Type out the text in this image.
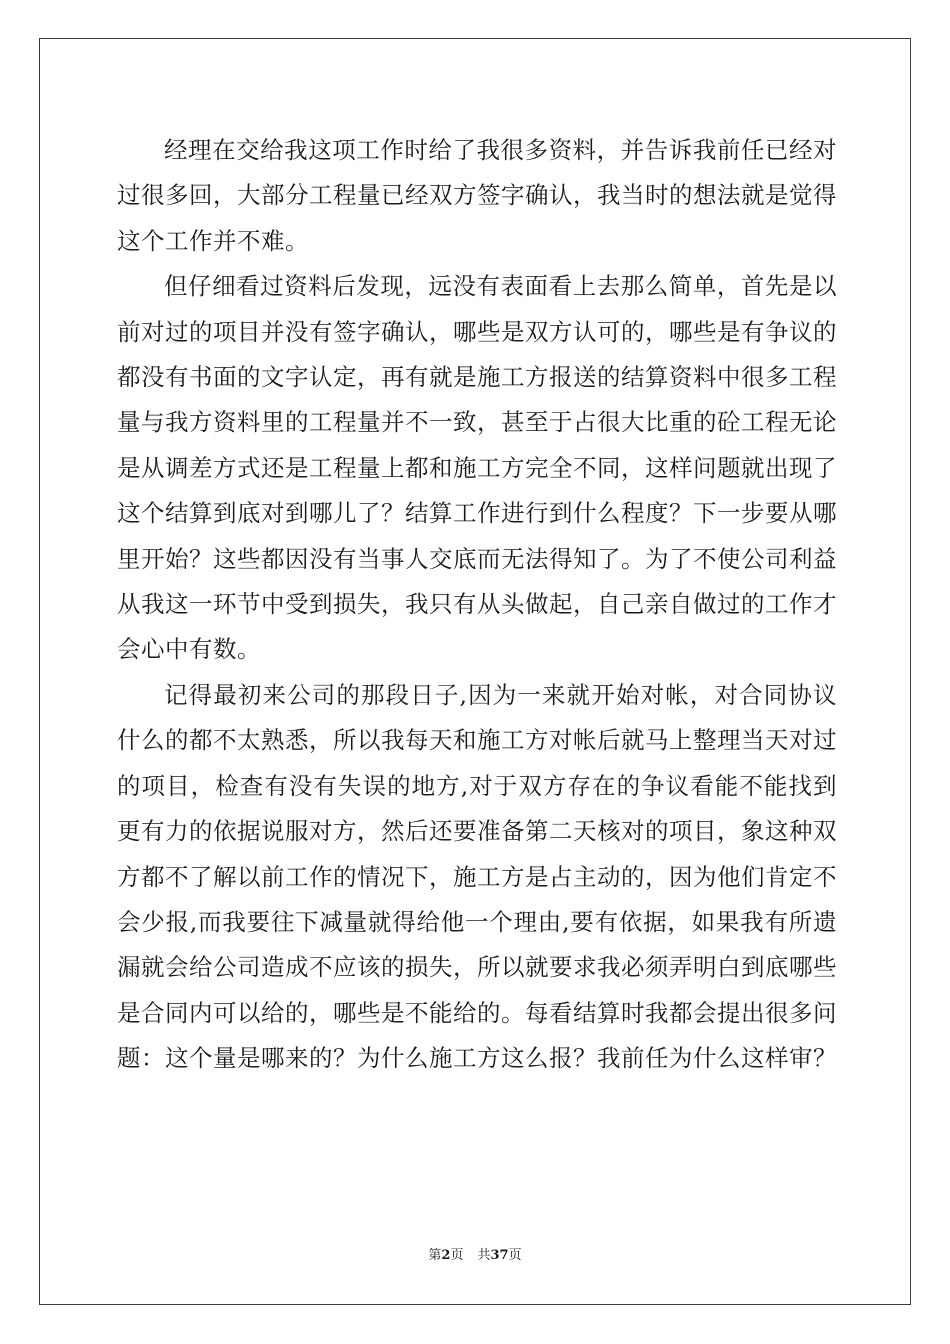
经理在交给我这项工作时给了我很多资料，并告诉我前任已经对过很多回，大部分工程量已经双方签字确认，我当时的想法就是觉得这个工作并不难。

但仔细看过资料后发现，远没有表面看上去那么简单，首先是以前对过的项目并没有签字确认，哪些是双方认可的，哪些是有争议的都没有书面的文字认定，再有就是施工方报送的结算资料中很多工程量与我方资料里的工程量并不一致，甚至于占很大比重的砼工程无论是从调差方式还是工程量上都和施工方完全不同，这样问题就出现了这个结算到底对到哪儿了？结算工作进行到什么程度？下一步要从哪里开始？这些都因没有当事人交底而无法得知了。为了不使公司利益从我这一环节中受到损失，我只有从头做起，自己亲自做过的工作才会心中有数。

记得最初来公司的那段日子,因为一来就开始对帐，对合同协议什么的都不太熟悉，所以我每天和施工方对帐后就马上整理当天对过的项目，检查有没有失误的地方,对于双方存在的争议看能不能找到更有力的依据说服对方，然后还要准备第二天核对的项目，象这种双方都不了解以前工作的情况下，施工方是占主动的，因为他们肯定不会少报,而我要往下减量就得给他一个理由,要有依据，如果我有所遗漏就会给公司造成不应该的损失，所以就要求我必须弄明白到底哪些是合同内可以给的，哪些是不能给的。每看结算时我都会提出很多问题：这个量是哪来的？为什么施工方这么报？我前任为什么这样审？

第2页 共37页
